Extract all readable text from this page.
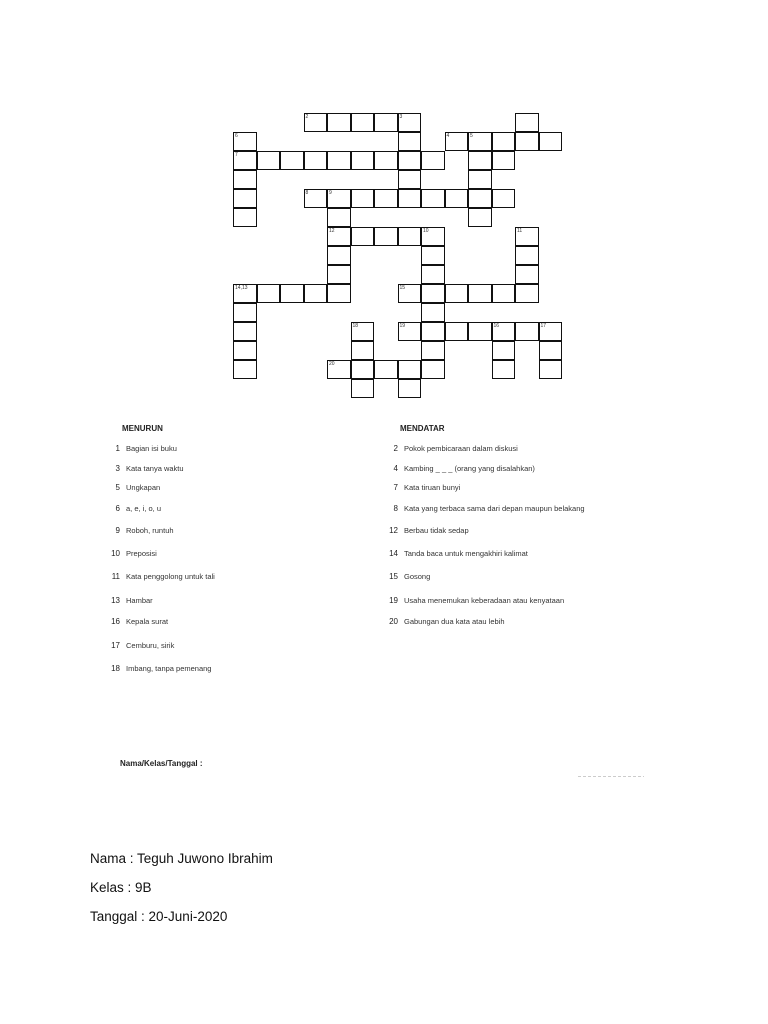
2	3
6	4	5
7
8	9
12	10	11
14,13	15
18	19	16	17
20
MENURUN	MENDATAR
1 Bagian isi buku
3 Kata tanya waktu
5 Ungkapan
6 a, e, i, o, u
9 Roboh, runtuh
10 Preposisi
11 Kata penggolong untuk tali
13 Hambar
16 Kepala surat
17 Cemburu, sirik
18 Imbang, tanpa pemenang
2 Pokok pembicaraan dalam diskusi
4 Kambing _ _ _ (orang yang disalahkan)
7 Kata tiruan bunyi
8 Kata yang terbaca sama dari depan maupun belakang
12 Berbau tidak sedap
14 Tanda baca untuk mengakhiri kalimat
15 Gosong
19 Usaha menemukan keberadaan atau kenyataan
20 Gabungan dua kata atau lebih
Nama/Kelas/Tanggal :
Nama : Teguh Juwono Ibrahim
Kelas : 9B
Tanggal : 20-Juni-2020
